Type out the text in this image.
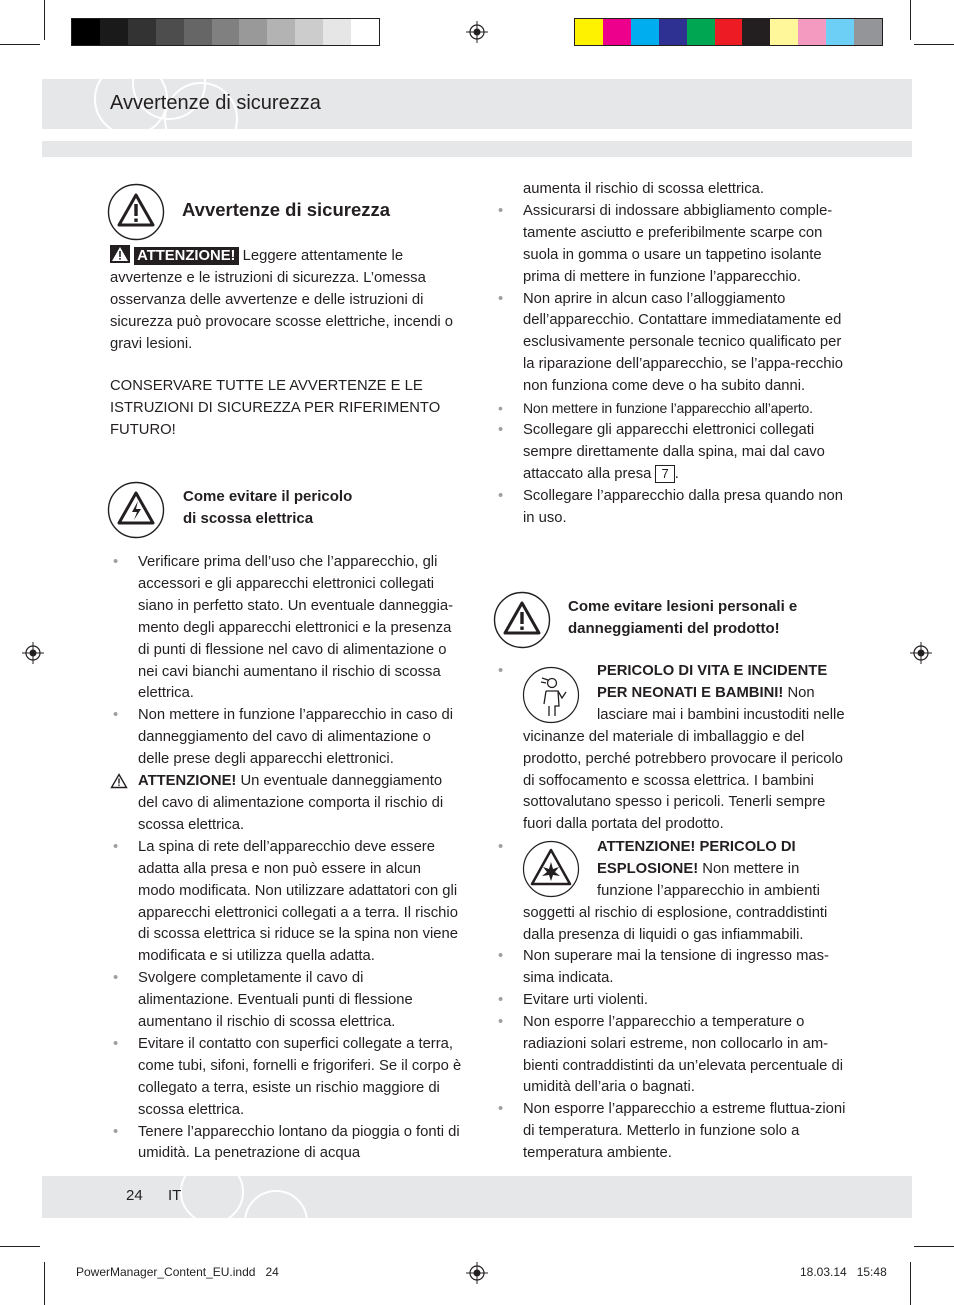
Avvertenze di sicurezza
Avvertenze di sicurezza
ATTENZIONE! Leggere attentamente le avvertenze e le istruzioni di sicurezza. L’omessa osservanza delle avvertenze e delle istruzioni di sicurezza può provocare scosse elettriche, incendi o gravi lesioni.
CONSERVARE TUTTE LE AVVERTENZE E LE ISTRUZIONI DI SICUREZZA PER RIFERIMENTO FUTURO!
Come evitare il pericolo
di scossa elettrica
• Verificare prima dell’uso che l’apparecchio, gli accessori e gli apparecchi elettronici collegati siano in perfetto stato. Un eventuale danneggia-mento degli apparecchi elettronici e la presenza di punti di flessione nel cavo di alimentazione o nei cavi bianchi aumentano il rischio di scossa elettrica.
• Non mettere in funzione l’apparecchio in caso di danneggiamento del cavo di alimentazione o delle prese degli apparecchi elettronici.
ATTENZIONE! Un eventuale danneggiamento del cavo di alimentazione comporta il rischio di scossa elettrica.
• La spina di rete dell’apparecchio deve essere adatta alla presa e non può essere in alcun modo modificata. Non utilizzare adattatori con gli apparecchi elettronici collegati a a terra. Il rischio di scossa elettrica si riduce se la spina non viene modificata e si utilizza quella adatta.
• Svolgere completamente il cavo di alimentazione. Eventuali punti di flessione aumentano il rischio di scossa elettrica.
• Evitare il contatto con superfici collegate a terra, come tubi, sifoni, fornelli e frigoriferi. Se il corpo è collegato a terra, esiste un rischio maggiore di scossa elettrica.
• Tenere l’apparecchio lontano da pioggia o fonti di umidità. La penetrazione di acqua
aumenta il rischio di scossa elettrica.
• Assicurarsi di indossare abbigliamento comple-tamente asciutto e preferibilmente scarpe con suola in gomma o usare un tappetino isolante prima di mettere in funzione l’apparecchio.
• Non aprire in alcun caso l’alloggiamento dell’apparecchio. Contattare immediatamente ed esclusivamente personale tecnico qualificato per la riparazione dell’apparecchio, se l’appa-recchio non funziona come deve o ha subito danni.
• Non mettere in funzione l’apparecchio all’aperto.
• Scollegare gli apparecchi elettronici collegati sempre direttamente dalla spina, mai dal cavo attaccato alla presa 7 .
• Scollegare l’apparecchio dalla presa quando non in uso.
Come evitare lesioni personali e
danneggiamenti del prodotto!
•	PERICOLO DI VITA E INCIDENTE PER NEONATI E BAMBINI! Non lasciare mai i bambini incustoditi nelle vicinanze del materiale di imballaggio e del prodotto, perché potrebbero provocare il pericolo di soffocamento e scossa elettrica. I bambini sottovalutano spesso i pericoli. Tenerli sempre fuori dalla portata del prodotto.
•	ATTENZIONE! PERICOLO DI ESPLOSIONE! Non mettere in funzione l’apparecchio in ambienti soggetti al rischio di esplosione, contraddistinti dalla presenza di liquidi o gas infiammabili.
• Non superare mai la tensione di ingresso mas-sima indicata.
• Evitare urti violenti.
• Non esporre l’apparecchio a temperature o radiazioni solari estreme, non collocarlo in am-bienti contraddistinti da un’elevata percentuale di umidità dell’aria o bagnati.
• Non esporre l’apparecchio a estreme fluttua-zioni di temperatura. Metterlo in funzione solo a temperatura ambiente.
24 IT
PowerManager_Content_EU.indd   24	18.03.14   15:48
